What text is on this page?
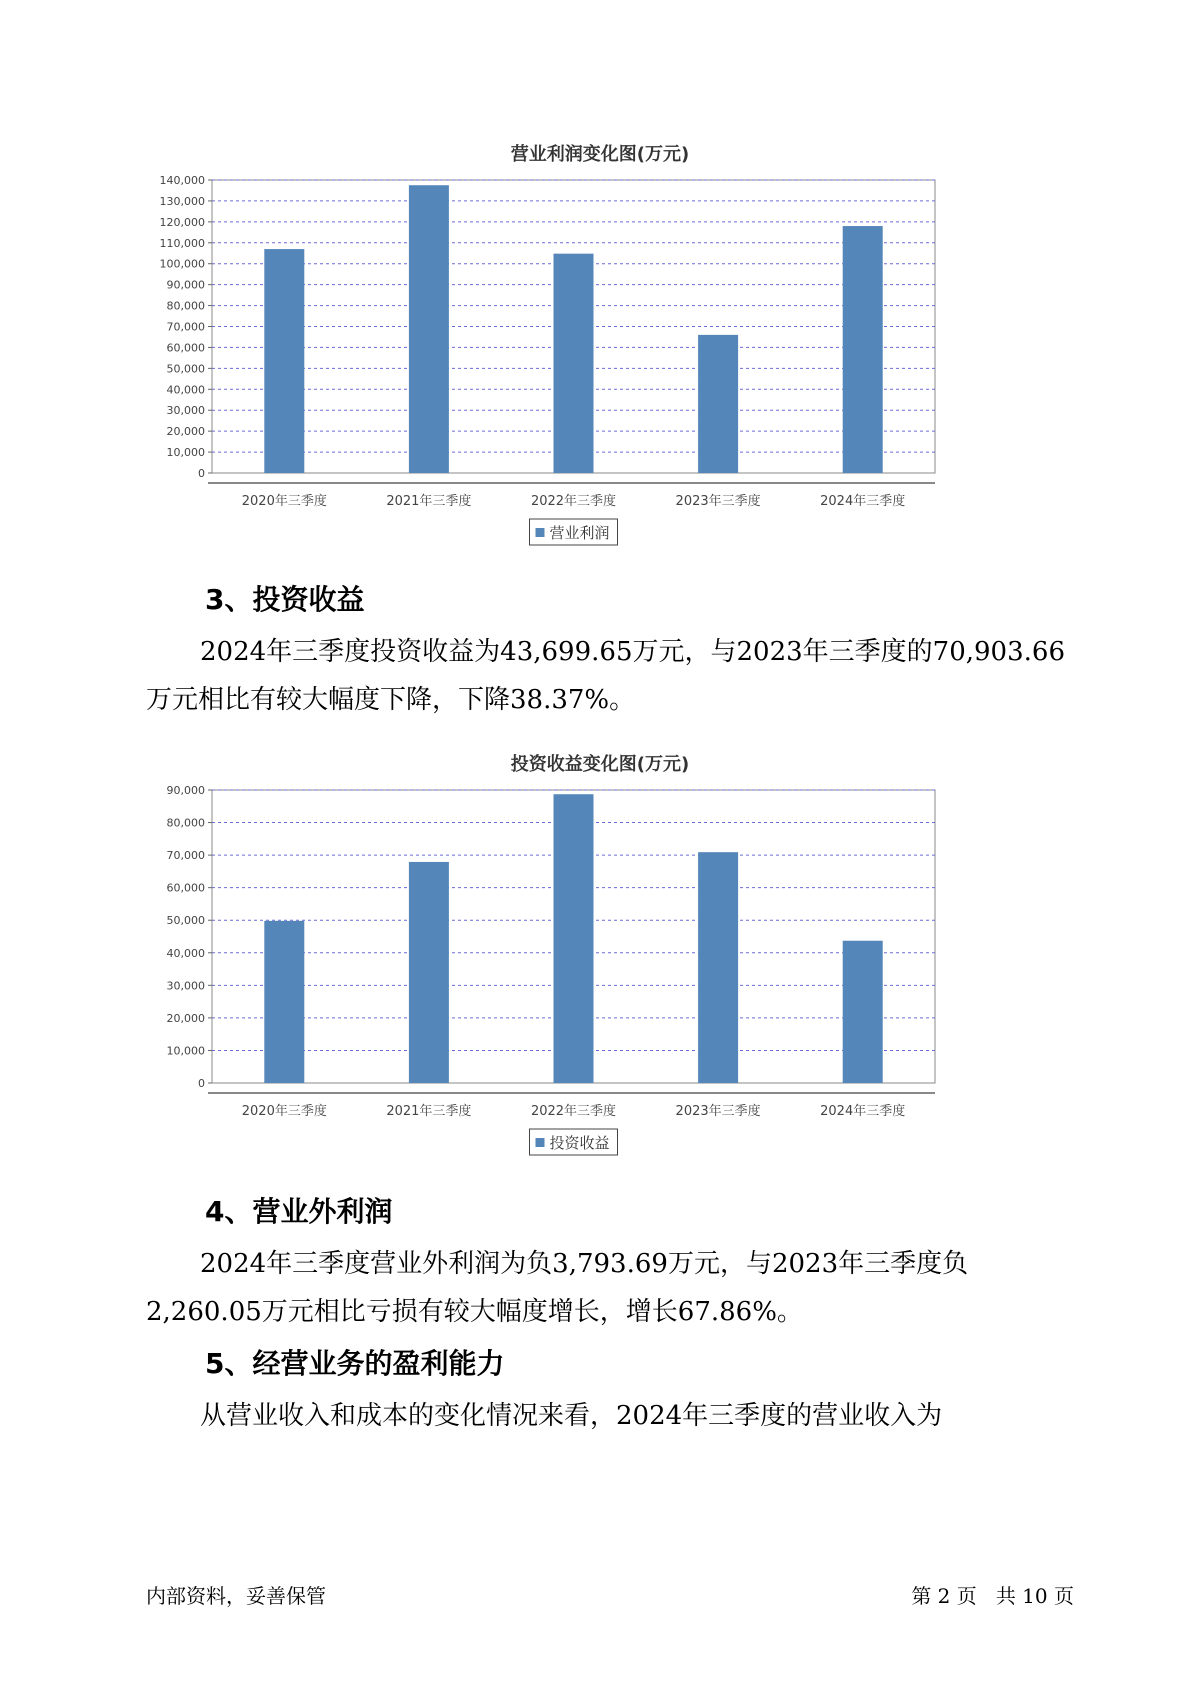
营业利润变化图(万元)
0
10,000
20,000
30,000
40,000
50,000
60,000
70,000
80,000
90,000
100,000
110,000
120,000
130,000
140,000
2020年三季度	2021年三季度	2022年三季度	2023年三季度	2024年三季度
营业利润
3、投资收益

2024年三季度投资收益为43,699.65万元，与2023年三季度的70,903.66万元相比有较大幅度下降，下降38.37%。

投资收益变化图(万元)
0
10,000
20,000
30,000
40,000
50,000
60,000
70,000
80,000
90,000
2020年三季度	2021年三季度	2022年三季度	2023年三季度	2024年三季度
投资收益
4、营业外利润

2024年三季度营业外利润为负3,793.69万元，与2023年三季度负2,260.05万元相比亏损有较大幅度增长，增长67.86%。

5、经营业务的盈利能力

从营业收入和成本的变化情况来看，2024年三季度的营业收入为

内部资料，妥善保管	第 2 页   共 10 页
